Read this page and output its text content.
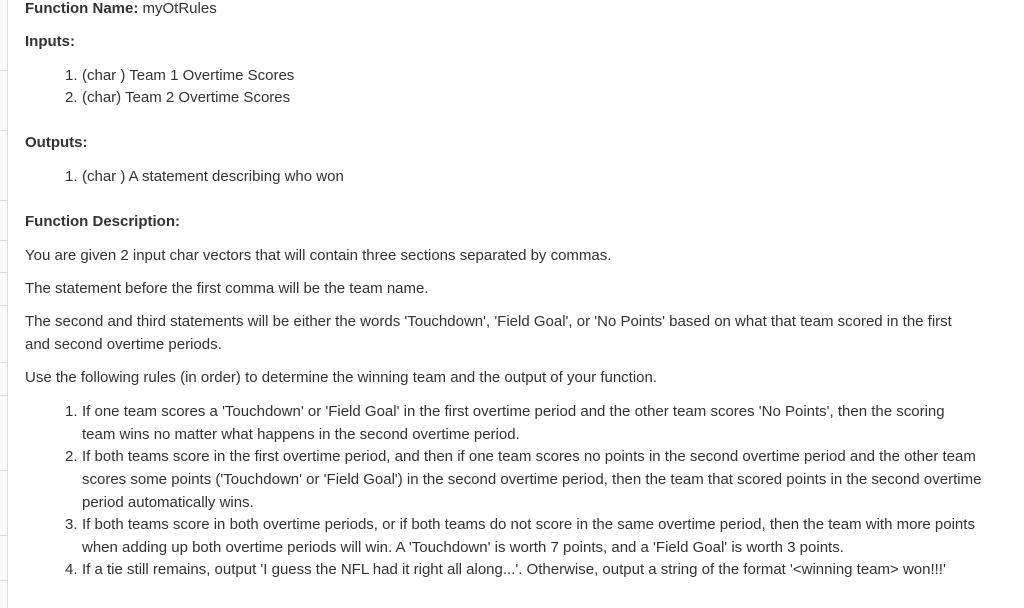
Function Name: myOtRules
Inputs:
1. (char ) Team 1 Overtime Scores
2. (char) Team 2 Overtime Scores
Outputs:
1. (char ) A statement describing who won
Function Description:
You are given 2 input char vectors that will contain three sections separated by commas.
The statement before the first comma will be the team name.
The second and third statements will be either the words 'Touchdown', 'Field Goal', or 'No Points' based on what that team scored in the first and second overtime periods.
Use the following rules (in order) to determine the winning team and the output of your function.
1. If one team scores a 'Touchdown' or 'Field Goal' in the first overtime period and the other team scores 'No Points', then the scoring team wins no matter what happens in the second overtime period.
2. If both teams score in the first overtime period, and then if one team scores no points in the second overtime period and the other team scores some points ('Touchdown' or 'Field Goal') in the second overtime period, then the team that scored points in the second overtime period automatically wins.
3. If both teams score in both overtime periods, or if both teams do not score in the same overtime period, then the team with more points when adding up both overtime periods will win. A 'Touchdown' is worth 7 points, and a 'Field Goal' is worth 3 points.
4. If a tie still remains, output 'I guess the NFL had it right all along...'. Otherwise, output a string of the format '<winning team> won!!!'
